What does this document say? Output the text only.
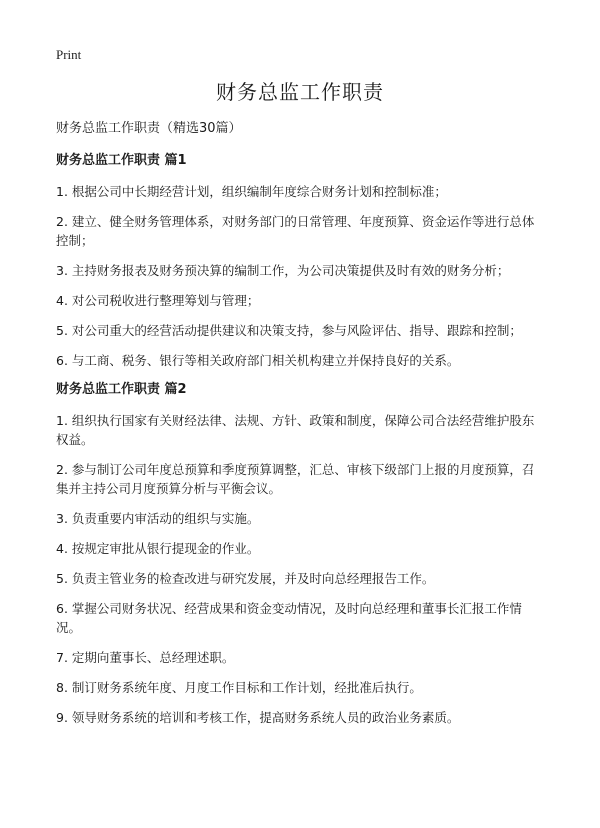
Print
财务总监工作职责
财务总监工作职责（精选30篇）
财务总监工作职责 篇1
1. 根据公司中长期经营计划，组织编制年度综合财务计划和控制标准；
2. 建立、健全财务管理体系，对财务部门的日常管理、年度预算、资金运作等进行总体控制；
3. 主持财务报表及财务预决算的编制工作，为公司决策提供及时有效的财务分析；
4. 对公司税收进行整理筹划与管理；
5. 对公司重大的经营活动提供建议和决策支持，参与风险评估、指导、跟踪和控制；
6. 与工商、税务、银行等相关政府部门相关机构建立并保持良好的关系。
财务总监工作职责 篇2
1. 组织执行国家有关财经法律、法规、方针、政策和制度，保障公司合法经营维护股东权益。
2. 参与制订公司年度总预算和季度预算调整，汇总、审核下级部门上报的月度预算，召集并主持公司月度预算分析与平衡会议。
3. 负责重要内审活动的组织与实施。
4. 按规定审批从银行提现金的作业。
5. 负责主管业务的检查改进与研究发展，并及时向总经理报告工作。
6. 掌握公司财务状况、经营成果和资金变动情况，及时向总经理和董事长汇报工作情况。
7. 定期向董事长、总经理述职。
8. 制订财务系统年度、月度工作目标和工作计划，经批准后执行。
9. 领导财务系统的培训和考核工作，提高财务系统人员的政治业务素质。
